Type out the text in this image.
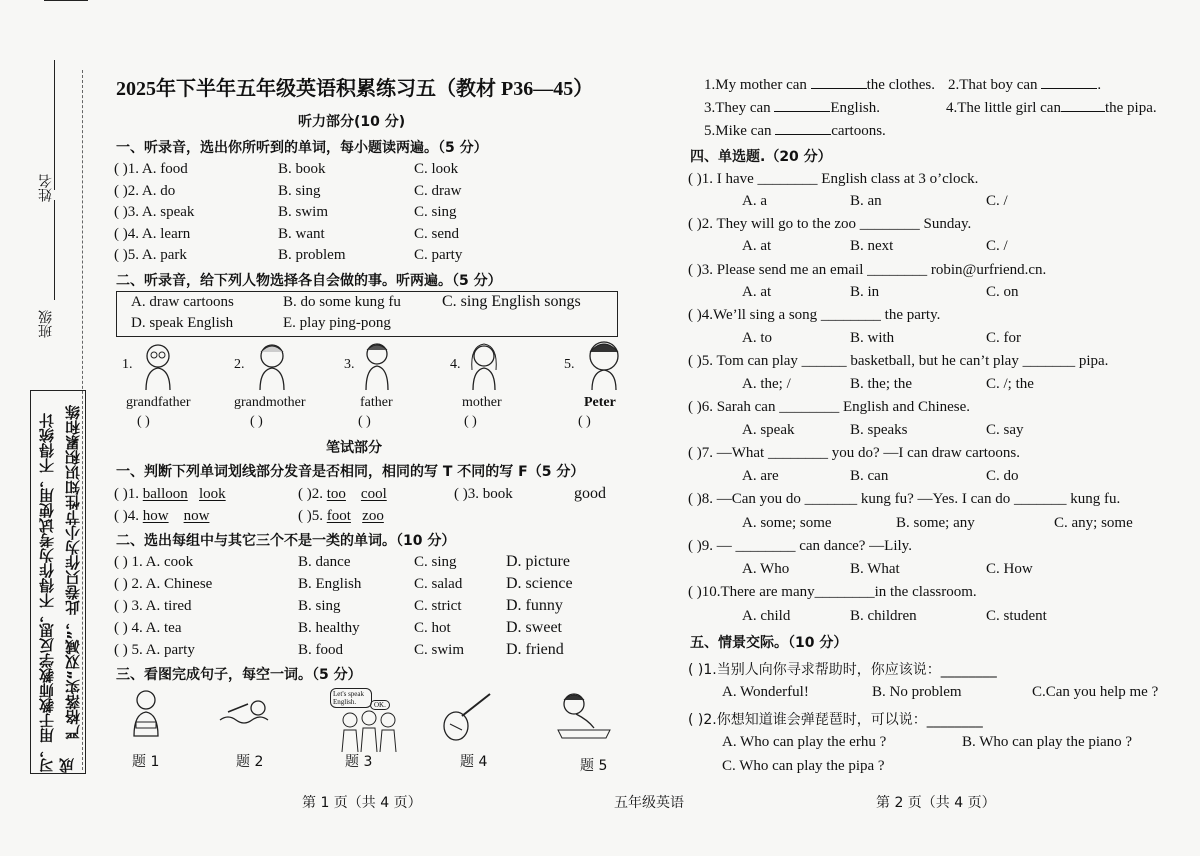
姓名
班级
严格落实“双减”，此卷只作为小节性知识积累和练
习，用于教师教学反思，不得作为考试使用，不得统计成
2025年下半年五年级英语积累练习五（教材 P36—45）
听力部分(10 分)
一、听录音，选出你所听到的单词，每小题读两遍。（5 分）
( )1. A. food	B. book	C. look
( )2. A. do	B. sing	C. draw
( )3. A. speak	B. swim	C. sing
( )4. A. learn	B. want	C. send
( )5. A. park	B. problem	C. party
二、听录音，给下列人物选择各自会做的事。听两遍。（5 分）
A. draw cartoons	B. do some kung fu	C. sing English songs
D. speak English	E. play ping-pong
1.
grandfather
( )
2.
grandmother
( )
3.
father
( )
4.
mother
( )
5.
Peter
( )
笔试部分
一、判断下列单词划线部分发音是否相同，相同的写 T 不同的写 F（5 分）
( )1. balloon look	( )2. too cool	( )3. book	good
( )4. how now	( )5. foot zoo
二、选出每组中与其它三个不是一类的单词。（10 分）
( ) 1. A. cook	B. dance	C. sing	D. picture
( ) 2. A. Chinese	B. English	C. salad	D. science
( ) 3. A. tired	B. sing	C. strict	D. funny
( ) 4. A. tea	B. healthy	C. hot	D. sweet
( ) 5. A. party	B. food	C. swim	D. friend
三、看图完成句子，每空一词。（5 分）
Let's speak English.	OK.
题 1	题 2	题 3	题 4	题 5
1.My mother can	the clothes. 2.That boy can	.
3.They can	English.	4.The little girl can	the pipa.
5.Mike can	cartoons.
四、单选题.（20 分）
( )1. I have ________ English class at 3 o’clock.
A. a	B. an	C. /
( )2. They will go to the zoo ________ Sunday.
A. at	B. next	C. /
( )3. Please send me an email ________ robin@urfriend.cn.
A. at	B. in	C. on
( )4.We’ll sing a song ________ the party.
A. to	B. with	C. for
( )5. Tom can play ______ basketball, but he can’t play _______ pipa.
A. the; /	B. the; the	C. /; the
( )6. Sarah can ________ English and Chinese.
A. speak	B. speaks	C. say
( )7. —What ________ you do? —I can draw cartoons.
A. are	B. can	C. do
( )8. —Can you do _______ kung fu? —Yes. I can do _______ kung fu.
A. some; some	B. some; any	C. any; some
( )9. — ________ can dance? —Lily.
A. Who	B. What	C. How
( )10.There are many________in the classroom.
A. child	B. children	C. student
五、情景交际。（10 分）
( )1.当别人向你寻求帮助时，你应该说：________
A. Wonderful!	B. No problem	C.Can you help me ?
( )2.你想知道谁会弹琵琶时，可以说：________
A. Who can play the erhu ?	B. Who can play the piano ?
C. Who can play the pipa ?
第 1 页（共 4 页）	五年级英语	第 2 页（共 4 页）
